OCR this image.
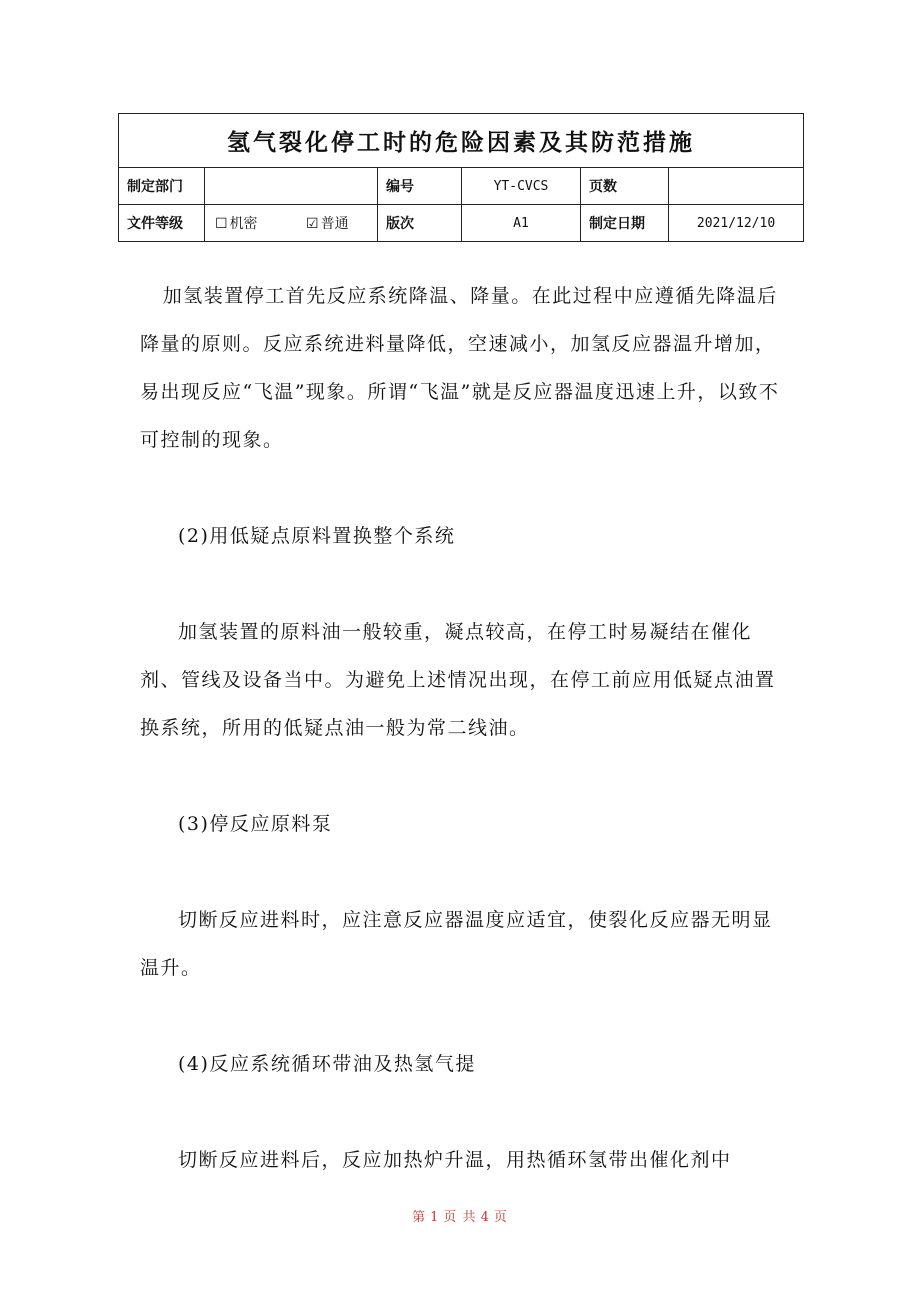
氢气裂化停工时的危险因素及其防范措施					
制定部门		编号	YT-CVCS	页数	
文件等级	☐ 机密 ☑ 普通	版次	A1	制定日期	2021/12/10

加氢装置停工首先反应系统降温、降量。在此过程中应遵循先降温后降量的原则。反应系统进料量降低，空速减小，加氢反应器温升增加，易出现反应“飞温”现象。所谓“飞温”就是反应器温度迅速上升，以致不可控制的现象。

(2)用低疑点原料置换整个系统

加氢装置的原料油一般较重，凝点较高，在停工时易凝结在催化剂、管线及设备当中。为避免上述情况出现，在停工前应用低疑点油置换系统，所用的低疑点油一般为常二线油。

(3)停反应原料泵

切断反应进料时，应注意反应器温度应适宜，使裂化反应器无明显温升。

(4)反应系统循环带油及热氢气提

切断反应进料后，反应加热炉升温，用热循环氢带出催化剂中

第 1 页 共 4 页
